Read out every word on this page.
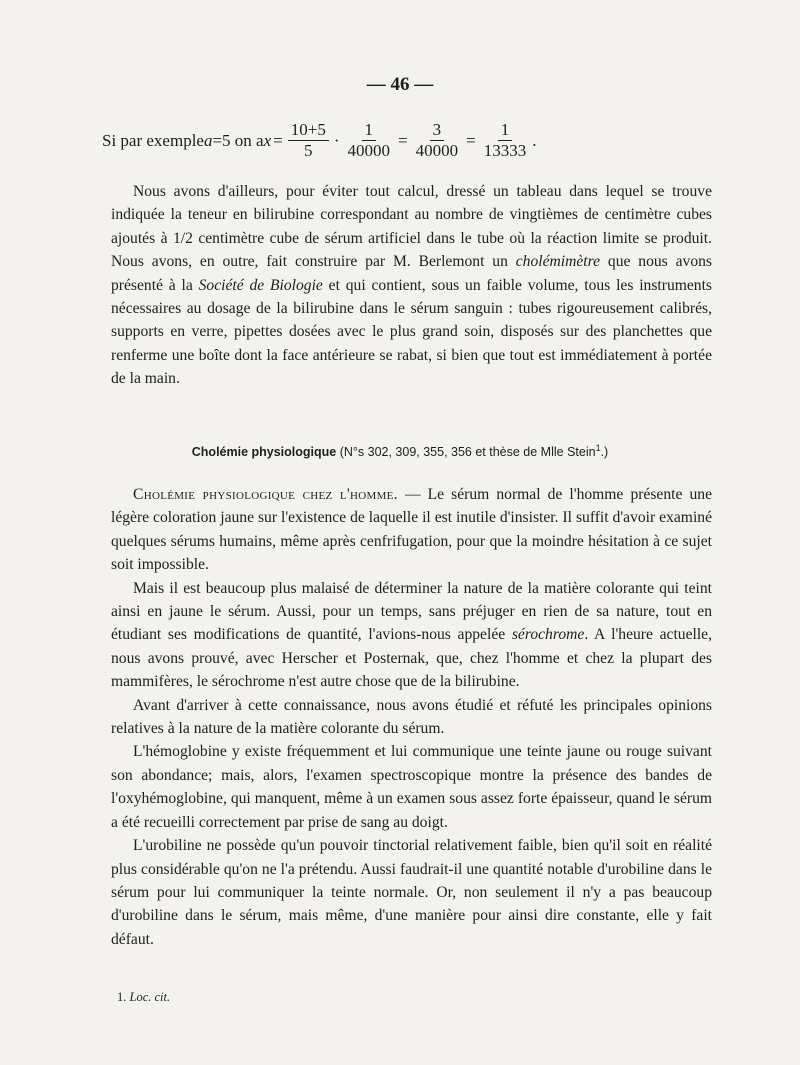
— 46 —
Si par exemple a =5 on a $x = \frac{10+5}{5} \cdot \frac{1}{40000} = \frac{3}{40000} = \frac{1}{13333}$ .

Nous avons d'ailleurs, pour éviter tout calcul, dressé un tableau dans lequel se trouve indiquée la teneur en bilirubine correspondant au nombre de vingtièmes de centimètre cubes ajoutés à 1/2 centimètre cube de sérum artificiel dans le tube où la réaction limite se produit. Nous avons, en outre, fait construire par M. Berlemont un cholémimètre que nous avons présenté à la Société de Biologie et qui contient, sous un faible volume, tous les instruments nécessaires au dosage de la bilirubine dans le sérum sanguin : tubes rigoureusement calibrés, supports en verre, pipettes dosées avec le plus grand soin, disposés sur des planchettes que renferme une boîte dont la face antérieure se rabat, si bien que tout est immédiatement à portée de la main.

Cholémie physiologique (N°s 302, 309, 355, 356 et thèse de Mlle Stein$^1$.)

Cholémie physiologique chez l'homme. — Le sérum normal de l'homme présente une légère coloration jaune sur l'existence de laquelle il est inutile d'insister. Il suffit d'avoir examiné quelques sérums humains, même après cenfrifugation, pour que la moindre hésitation à ce sujet soit impossible.

Mais il est beaucoup plus malaisé de déterminer la nature de la matière colorante qui teint ainsi en jaune le sérum. Aussi, pour un temps, sans préjuger en rien de sa nature, tout en étudiant ses modifications de quantité, l'avions-nous appelée sérochrome. A l'heure actuelle, nous avons prouvé, avec Herscher et Posternak, que, chez l'homme et chez la plupart des mammifères, le sérochrome n'est autre chose que de la bilirubine.

Avant d'arriver à cette connaissance, nous avons étudié et réfuté les principales opinions relatives à la nature de la matière colorante du sérum.

L'hémoglobine y existe fréquemment et lui communique une teinte jaune ou rouge suivant son abondance; mais, alors, l'examen spectroscopique montre la présence des bandes de l'oxyhémoglobine, qui manquent, même à un examen sous assez forte épaisseur, quand le sérum a été recueilli correctement par prise de sang au doigt.

L'urobiline ne possède qu'un pouvoir tinctorial relativement faible, bien qu'il soit en réalité plus considérable qu'on ne l'a prétendu. Aussi faudrait-il une quantité notable d'urobiline dans le sérum pour lui communiquer la teinte normale. Or, non seulement il n'y a pas beaucoup d'urobiline dans le sérum, mais même, d'une manière pour ainsi dire constante, elle y fait défaut.

1. Loc. cit.
